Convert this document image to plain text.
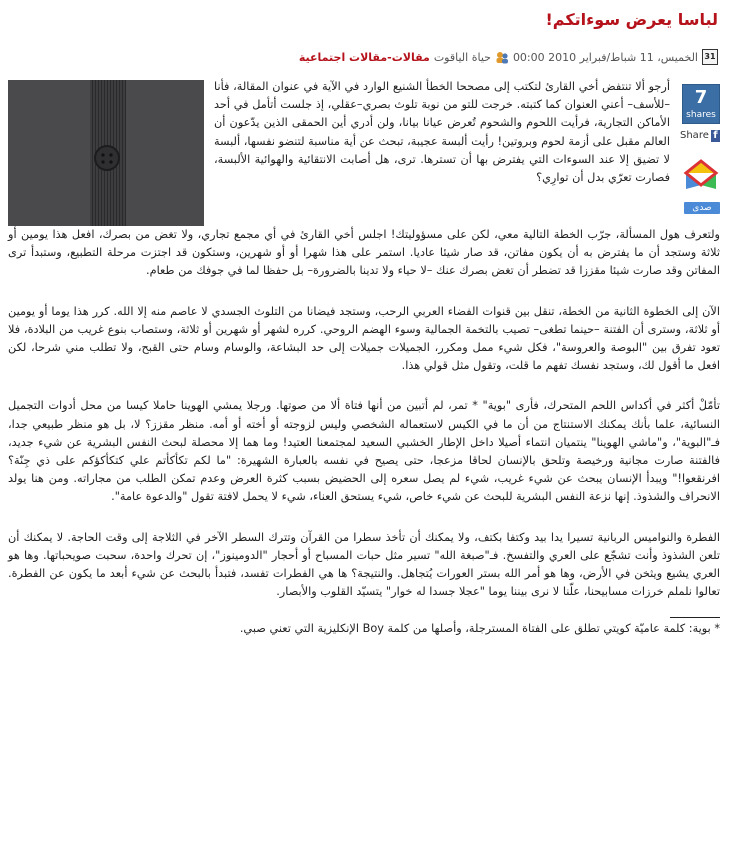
لباسا يعرض سوءاتكم!
31
الخميس، 11 شباط/فبراير 2010 00:00
حياة الياقوت
مقالات-مقالات اجتماعية
7
shares
Share f
صدى

أرجو ألا تنتفض أخي القارئ لتكتب إلى مصححا الخطأ الشنيع الوارد في الآية في عنوان المقالة، فأنا –للأسف– أعني العنوان كما كتبته. خرجت للتو من نوبة تلوث بصري–عقلي، إذ جلست أتأمل في أحد الأماكن التجارية، فرأيت اللحوم والشحوم تُعرض عيانا بيانا، ولن أدري أين الحمقى الذين يدّعون أن العالم مقبل على أزمة لحوم وبروتين! رأيت ألبسة عجيبة، تبحث عن أية مناسبة لتنضو نفسها، ألبسة لا تضيق إلا عند السوءات التي يفترض بها أن تسترها. ترى، هل أصابت الانتقائية والهوائية الألبسة، فصارت تعرّي بدل أن توارِي؟

ولتعرف هول المسألة، جرّب الخطة التالية معي، لكن على مسؤوليتك! اجلس أخي القارئ في أي مجمع تجاري، ولا تغض من بصرك، افعل هذا يومين أو ثلاثة وستجد أن ما يفترض به أن يكون مفاتن، قد صار شيئا عاديا. استمر على هذا شهرا أو أو شهرين، وستكون قد اجتزت مرحلة التطبيع، وستبدأ ترى المفاتن وقد صارت شيئا مقززا قد تضطر أن تغض بصرك عنك –لا حياء ولا تدينا بالضرورة– بل حفظا لما في جوفك من طعام.

الآن إلى الخطوة الثانية من الخطة، تنقل بين قنوات الفضاء العربي الرحب، وستجد فيضانا من التلوث الجسدي لا عاصم منه إلا الله. كرر هذا يوما أو يومين أو ثلاثة، وسترى أن الفتنة –حينما تطغى– تصيب بالتخمة الجمالية وسوء الهضم الروحي. كرره لشهر أو شهرين أو ثلاثة، وستصاب بنوع غريب من البلادة، فلا تعود تفرق بين "البوصة والعروسة"، فكل شيء ممل ومكرر، الجميلات جميلات إلى حد البشاعة، والوسام وسام حتى القبح، ولا تطلب مني شرحا، لكن افعل ما أقول لك، وستجد نفسك تفهم ما قلت، وتقول مثل قولي هذا.

تأمّلْ أكثر في أكداس اللحم المتحرك، فأرى "بوية" * تمر، لم أتبين من أنها فتاة ألا من صوتها. ورجلا يمشي الهوينا حاملا كيسا من محل أدوات التجميل النسائية، علما بأنك يمكنك الاستنتاج من أن ما في الكيس لاستعماله الشخصي وليس لزوجته أو أخته أو أمه. منظر مقزز؟ لا، بل هو منظر طبيعي جدا، فـ"البوية"، و"ماشي الهوينا" ينتميان انتماء أصيلا داخل الإطار الخشبي السعيد لمجتمعنا العتيد! وما هما إلا محصلة لبحث النفس البشرية عن شيء جديد، فالفتنة صارت مجانية ورخيصة وتلحق بالإنسان لحاقا مزعجا، حتى يصيح في نفسه بالعبارة الشهيرة: "ما لكم تكأكأتم علي كتكأكؤكم على ذي جِنّة؟ افرنقعوا!" ويبدأ الإنسان يبحث عن شيء غريب، شيء لم يصل سعره إلى الحضيض بسبب كثرة العرض وعدم تمكن الطلب من مجاراته. ومن هنا يولد الانحراف والشذوذ. إنها نزعة النفس البشرية للبحث عن شيء خاص، شيء يستحق العناء، شيء لا يحمل لافتة تقول "والدعوة عامة".

الفطرة والنواميس الربانية تسيرا يدا بيد وكتفا بكتف، ولا يمكنك أن تأخذ سطرا من القرآن وتترك السطر الآخر في الثلاجة إلى وقت الحاجة. لا يمكنك أن تلعن الشذوذ وأنت تشجّع على العري والتفسخ. فـ"صبغة الله" تسير مثل حبات المسباح أو أحجار "الدومينوز"، إن تحرك واحدة، سحبت صويحباتها. وها هو العري يشيع ويثخن في الأرض، وها هو أمر الله بستر العورات يُتجاهل. والنتيجة؟ ها هي الفطرات تفسد، فتبدأ بالبحث عن شيء أبعد ما يكون عن الفطرة. تعالوا نلملم خرزات مسابيحنا، علّنا لا نرى بيننا يوما "عجلا جسدا له خوار" يتسيّد القلوب والأبصار.

* بوية: كلمة عاميّة كويتي تطلق على الفتاة المسترجلة، وأصلها من كلمة Boy الإنكليزية التي تعني صبي.
